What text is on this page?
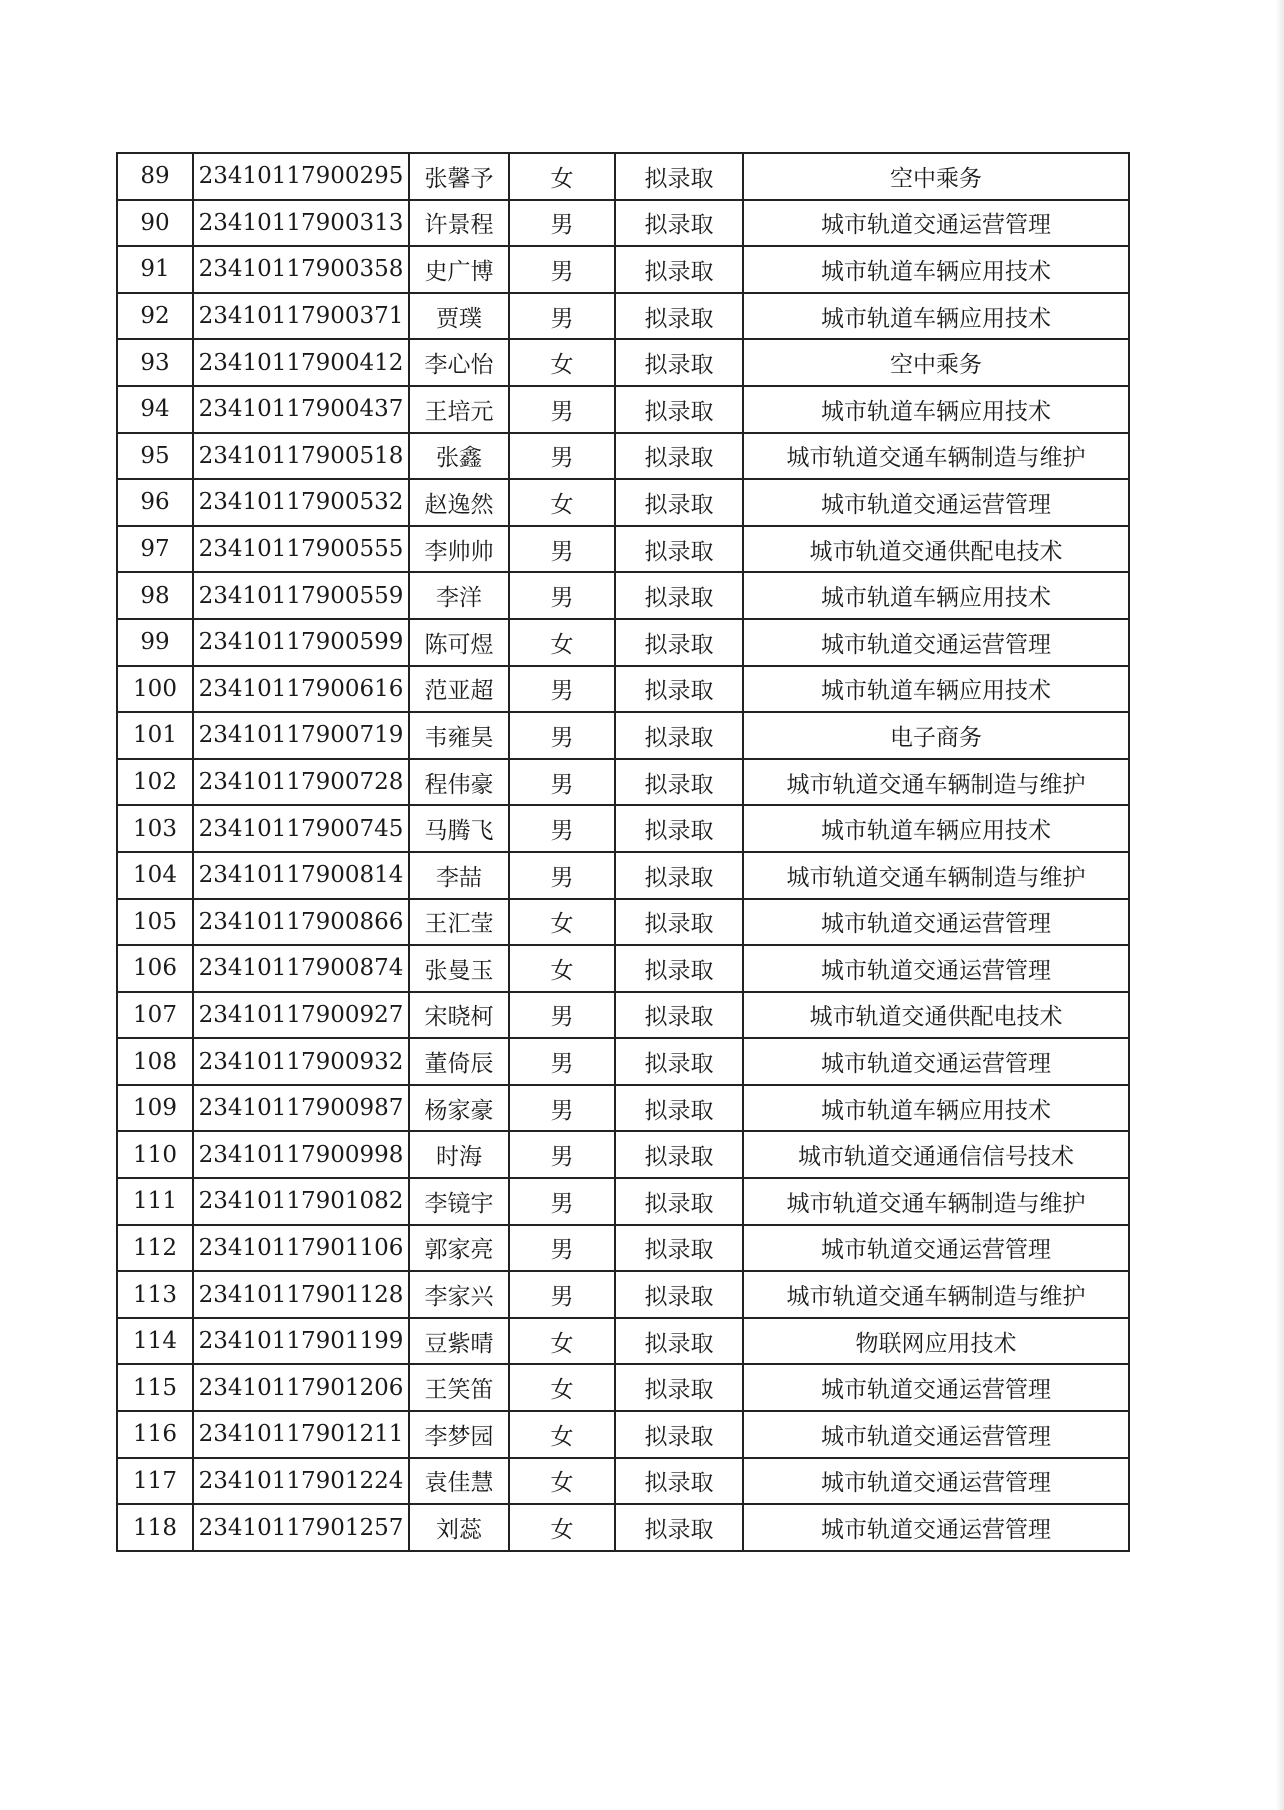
89	23410117900295	张馨予	女	拟录取	空中乘务
90	23410117900313	许景程	男	拟录取	城市轨道交通运营管理
91	23410117900358	史广博	男	拟录取	城市轨道车辆应用技术
92	23410117900371	贾璞	男	拟录取	城市轨道车辆应用技术
93	23410117900412	李心怡	女	拟录取	空中乘务
94	23410117900437	王培元	男	拟录取	城市轨道车辆应用技术
95	23410117900518	张鑫	男	拟录取	城市轨道交通车辆制造与维护
96	23410117900532	赵逸然	女	拟录取	城市轨道交通运营管理
97	23410117900555	李帅帅	男	拟录取	城市轨道交通供配电技术
98	23410117900559	李洋	男	拟录取	城市轨道车辆应用技术
99	23410117900599	陈可煜	女	拟录取	城市轨道交通运营管理
100	23410117900616	范亚超	男	拟录取	城市轨道车辆应用技术
101	23410117900719	韦雍昊	男	拟录取	电子商务
102	23410117900728	程伟豪	男	拟录取	城市轨道交通车辆制造与维护
103	23410117900745	马腾飞	男	拟录取	城市轨道车辆应用技术
104	23410117900814	李喆	男	拟录取	城市轨道交通车辆制造与维护
105	23410117900866	王汇莹	女	拟录取	城市轨道交通运营管理
106	23410117900874	张曼玉	女	拟录取	城市轨道交通运营管理
107	23410117900927	宋晓柯	男	拟录取	城市轨道交通供配电技术
108	23410117900932	董倚辰	男	拟录取	城市轨道交通运营管理
109	23410117900987	杨家豪	男	拟录取	城市轨道车辆应用技术
110	23410117900998	时海	男	拟录取	城市轨道交通通信信号技术
111	23410117901082	李镜宇	男	拟录取	城市轨道交通车辆制造与维护
112	23410117901106	郭家亮	男	拟录取	城市轨道交通运营管理
113	23410117901128	李家兴	男	拟录取	城市轨道交通车辆制造与维护
114	23410117901199	豆紫晴	女	拟录取	物联网应用技术
115	23410117901206	王笑笛	女	拟录取	城市轨道交通运营管理
116	23410117901211	李梦园	女	拟录取	城市轨道交通运营管理
117	23410117901224	袁佳慧	女	拟录取	城市轨道交通运营管理
118	23410117901257	刘蕊	女	拟录取	城市轨道交通运营管理
